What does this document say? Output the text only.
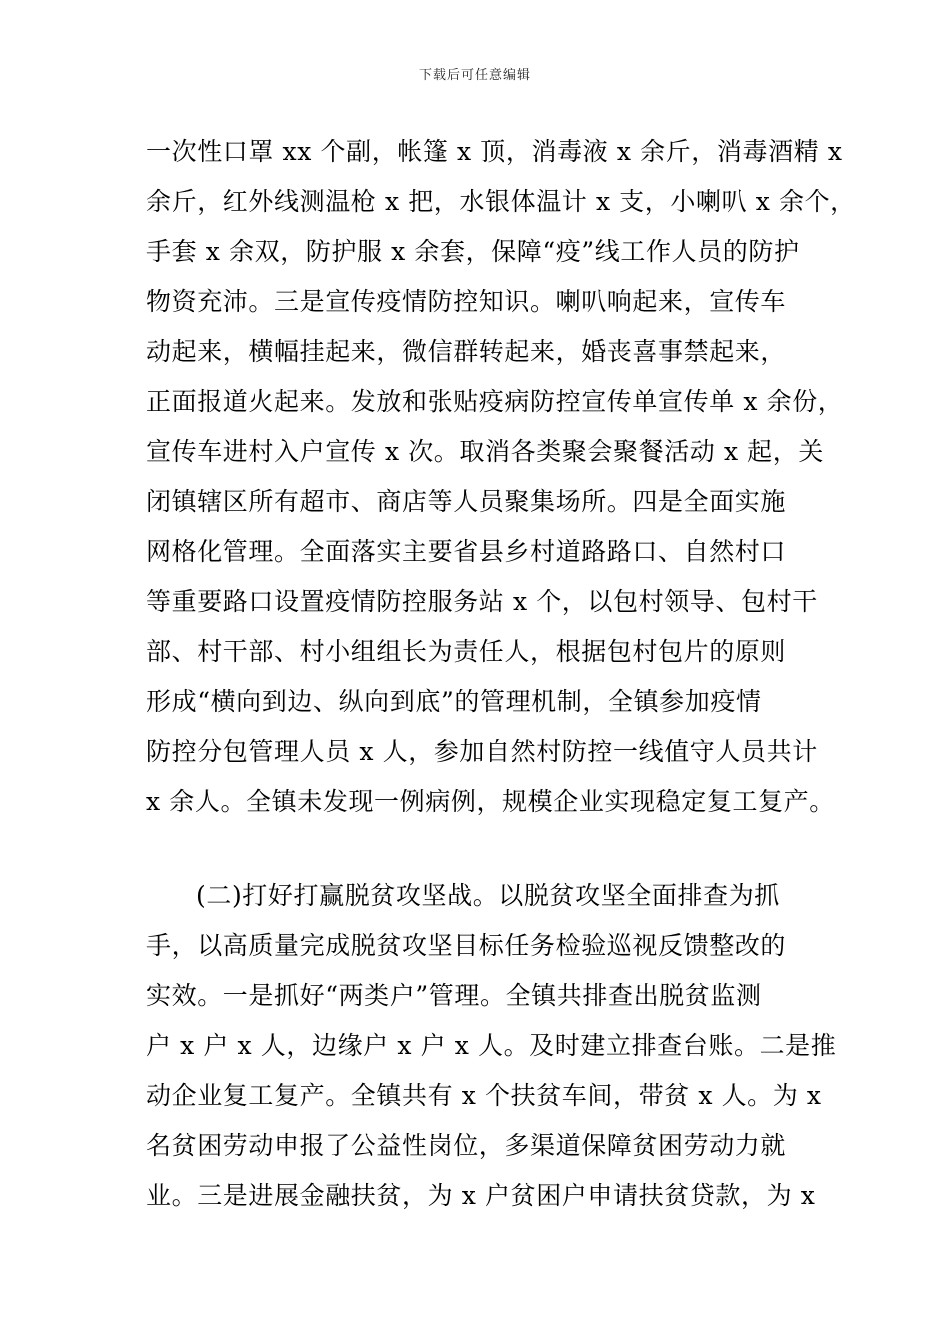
下载后可任意编辑
一次性口罩 xx 个副，帐篷 x 顶，消毒液 x 余斤，消毒酒精 x
余斤，红外线测温枪 x 把，水银体温计 x 支，小喇叭 x 余个，
手套 x 余双，防护服 x 余套，保障“疫”线工作人员的防护
物资充沛。三是宣传疫情防控知识。喇叭响起来，宣传车
动起来，横幅挂起来，微信群转起来，婚丧喜事禁起来，
正面报道火起来。发放和张贴疫病防控宣传单宣传单 x 余份，
宣传车进村入户宣传 x 次。取消各类聚会聚餐活动 x 起，关
闭镇辖区所有超市、商店等人员聚集场所。四是全面实施
网格化管理。全面落实主要省县乡村道路路口、自然村口
等重要路口设置疫情防控服务站 x 个，以包村领导、包村干
部、村干部、村小组组长为责任人，根据包村包片的原则
形成“横向到边、纵向到底”的管理机制，全镇参加疫情
防控分包管理人员 x 人，参加自然村防控一线值守人员共计
x 余人。全镇未发现一例病例，规模企业实现稳定复工复产。
(二)打好打赢脱贫攻坚战。以脱贫攻坚全面排查为抓
手，以高质量完成脱贫攻坚目标任务检验巡视反馈整改的
实效。一是抓好“两类户”管理。全镇共排查出脱贫监测
户 x 户 x 人，边缘户 x 户 x 人。及时建立排查台账。二是推
动企业复工复产。全镇共有 x 个扶贫车间，带贫 x 人。为 x
名贫困劳动申报了公益性岗位，多渠道保障贫困劳动力就
业。三是进展金融扶贫，为 x 户贫困户申请扶贫贷款，为 x
